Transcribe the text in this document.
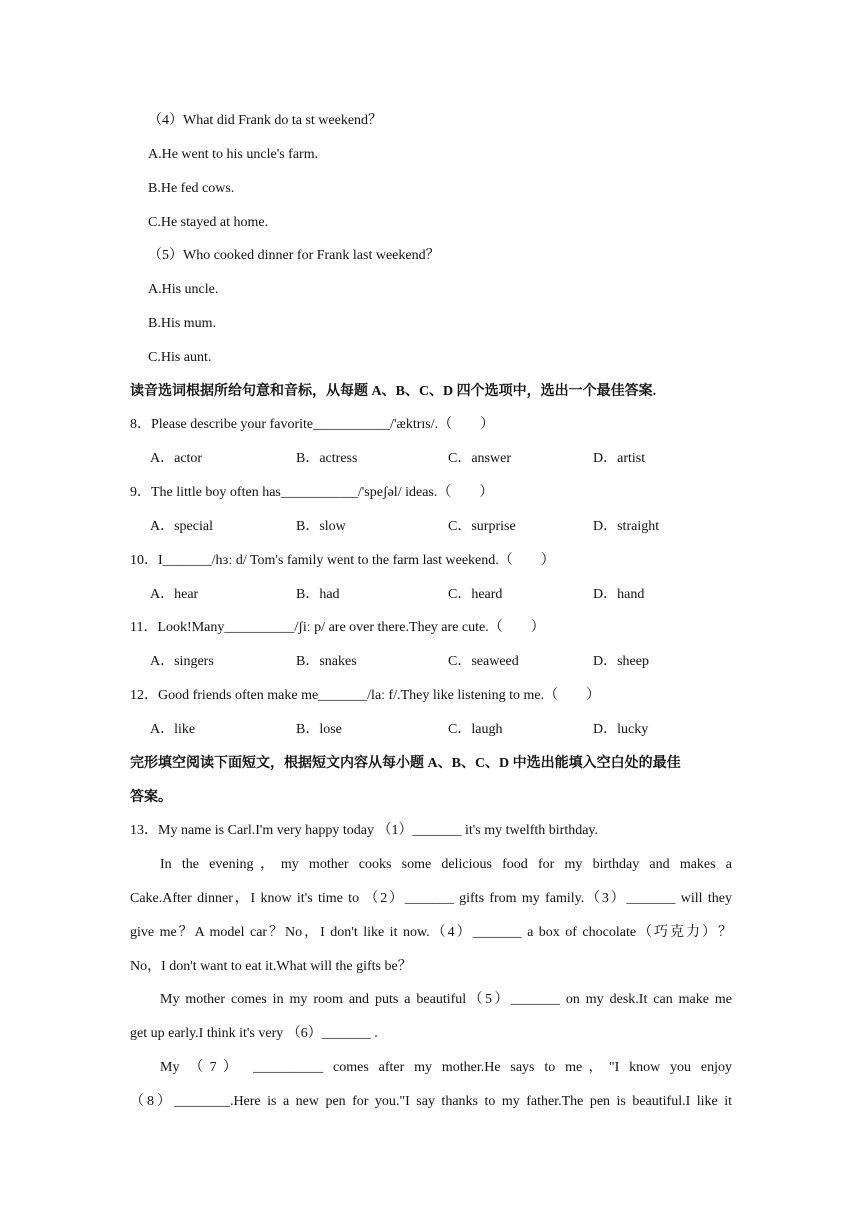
（4）What did Frank do ta st weekend？
A.He went to his uncle's farm.
B.He fed cows.
C.He stayed at home.
（5）Who cooked dinner for Frank last weekend？
A.His uncle.
B.His mum.
C.His aunt.
读音选词根据所给句意和音标，从每题 A、B、C、D 四个选项中，选出一个最佳答案.
8．Please describe your favorite___________/'æktrɪs/.（　　）
A．actor	B．actress	C．answer	D．artist
9．The little boy often has___________/'speʃəl/ ideas.（　　）
A．special	B．slow	C．surprise	D．straight
10．I_______/hɜː d/ Tom's family went to the farm last weekend.（　　）
A．hear	B．had	C．heard	D．hand
11．Look!Many__________/ʃiː p/ are over there.They are cute.（　　）
A．singers	B．snakes	C．seaweed	D．sheep
12．Good friends often make me_______/laː f/.They like listening to me.（　　）
A．like	B．lose	C．laugh	D．lucky
完形填空阅读下面短文，根据短文内容从每小题 A、B、C、D 中选出能填入空白处的最佳
答案。
13．My name is Carl.I'm very happy today （1）_______ it's my twelfth birthday.
In the evening，my mother cooks some delicious food for my birthday and makes a
Cake.After dinner，I know it's time to （2）_______ gifts from my family.（3）_______ will they
give me？A model car？No，I don't like it now.（4）_______ a box of chocolate（巧克力）？
No，I don't want to eat it.What will the gifts be？
My mother comes in my room and puts a beautiful（5）_______ on my desk.It can make me
get up early.I think it's very （6）_______ .
My （7） __________ comes after my mother.He says to me，"I know you enjoy
（8）________.Here is a new pen for you."I say thanks to my father.The pen is beautiful.I like it
